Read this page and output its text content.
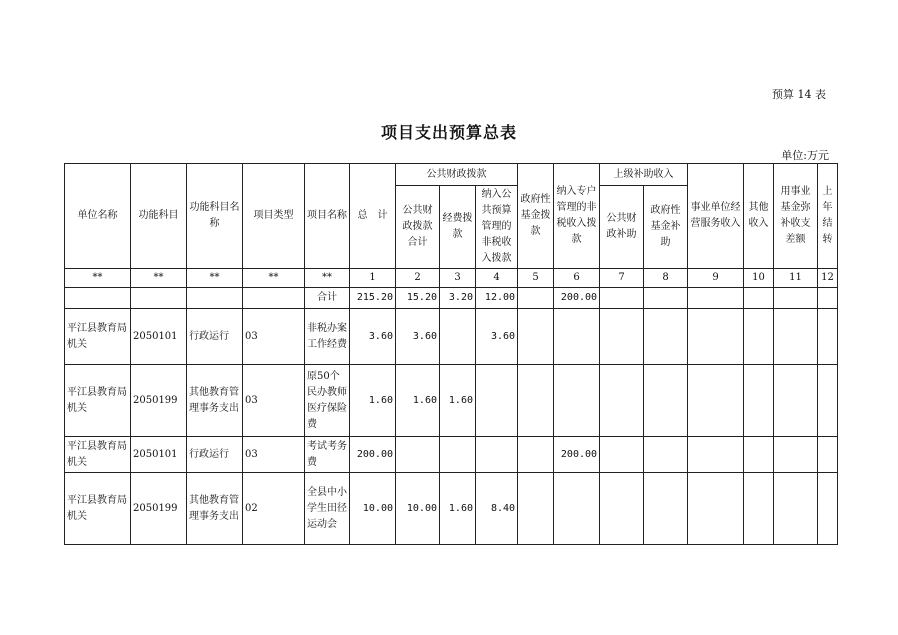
预算 14 表
项目支出预算总表
单位:万元
单位名称	功能科目	功能科目名称	项目类型	项目名称	总　计	公共财政拨款			政府性基金拨款	纳入专户管理的非税收入拨款	上级补助收入		事业单位经营服务收入	其他收入	用事业基金弥补收支差额	上年结转

						公共财政拨款合计	经费拨款	纳入公共预算管理的非税收入拨款			公共财政补助	政府性基金补助				

**	**	**	**	**	1	2	3	4	5	6	7	8	9	10	11	12
				合计	215.20	15.20	3.20	12.00		200.00						

平江县教育局机关	2050101	行政运行	03	非税办案工作经费	3.60	3.60		3.60								

平江县教育局机关	2050199	其他教育管理事务支出	03	原50个民办教师医疗保险费	1.60	1.60	1.60									

平江县教育局机关	2050101	行政运行	03	考试考务费	200.00					200.00						

平江县教育局机关	2050199	其他教育管理事务支出	02	全县中小学生田径运动会	10.00	10.00	1.60	8.40								
